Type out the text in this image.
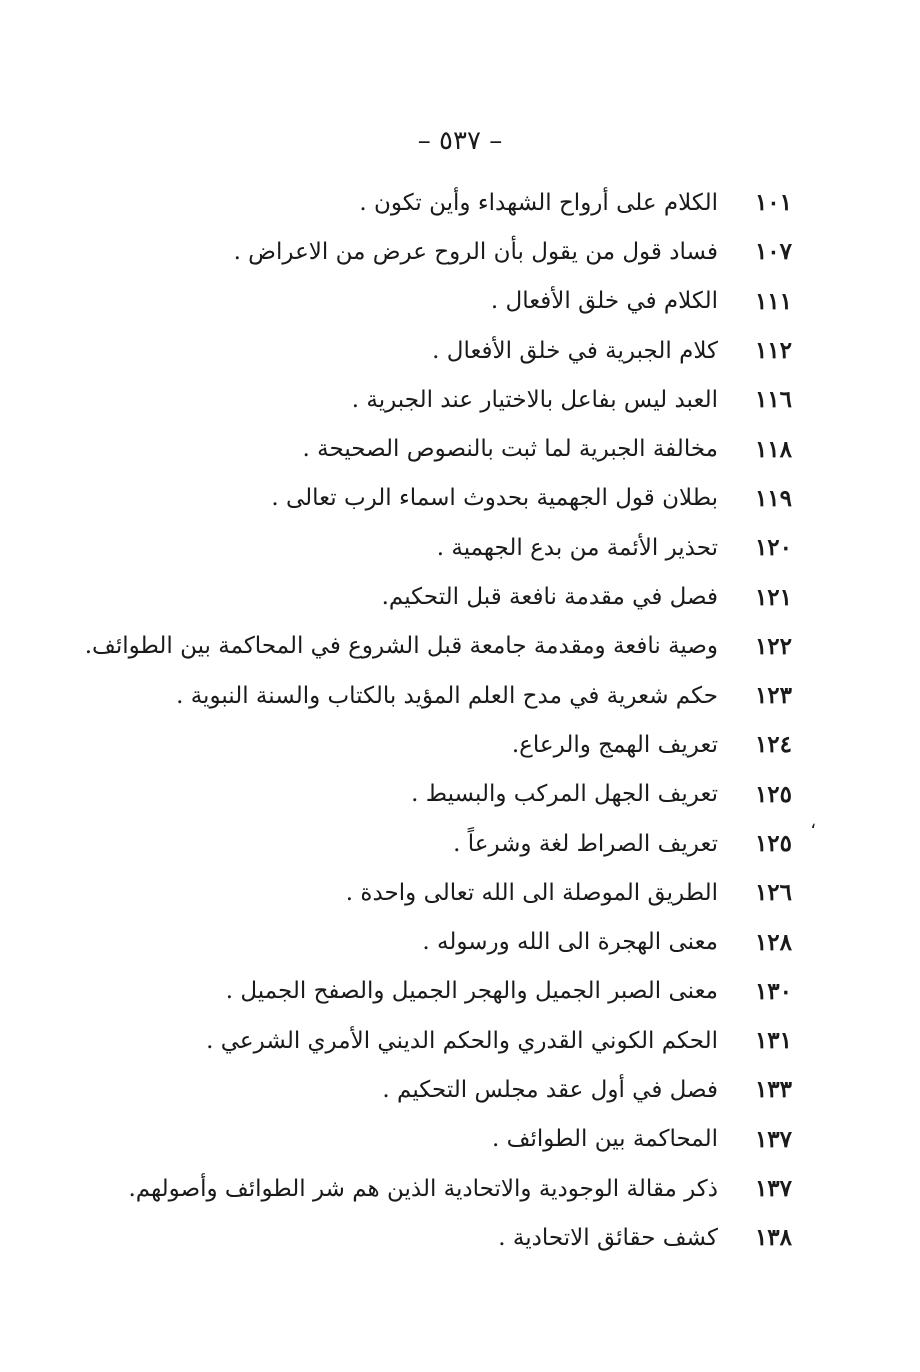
– ٥٣٧ –
،
١٠١
الكلام على أرواح الشهداء وأين تكون .
١٠٧
فساد قول من يقول بأن الروح عرض من الاعراض .
١١١
الكلام في خلق الأفعال .
١١٢
كلام الجبرية في خلق الأفعال .
١١٦
العبد ليس بفاعل بالاختيار عند الجبرية .
١١٨
مخالفة الجبرية لما ثبت بالنصوص الصحيحة .
١١٩
بطلان قول الجهمية بحدوث اسماء الرب تعالى .
١٢٠
تحذير الأئمة من بدع الجهمية .
١٢١
فصل في مقدمة نافعة قبل التحكيم.
١٢٢
وصية نافعة ومقدمة جامعة قبل الشروع في المحاكمة بين الطوائف.
١٢٣
حكم شعرية في مدح العلم المؤيد بالكتاب والسنة النبوية .
١٢٤
تعريف الهمج والرعاع.
١٢٥
تعريف الجهل المركب والبسيط .
١٢٥
تعريف الصراط لغة وشرعاً .
١٢٦
الطريق الموصلة الى الله تعالى واحدة .
١٢٨
معنى الهجرة الى الله ورسوله .
١٣٠
معنى الصبر الجميل والهجر الجميل والصفح الجميل .
١٣١
الحكم الكوني القدري والحكم الديني الأمري الشرعي .
١٣٣
فصل في أول عقد مجلس التحكيم .
١٣٧
المحاكمة بين الطوائف .
١٣٧
ذكر مقالة الوجودية والاتحادية الذين هم شر الطوائف وأصولهم.
١٣٨
كشف حقائق الاتحادية .
